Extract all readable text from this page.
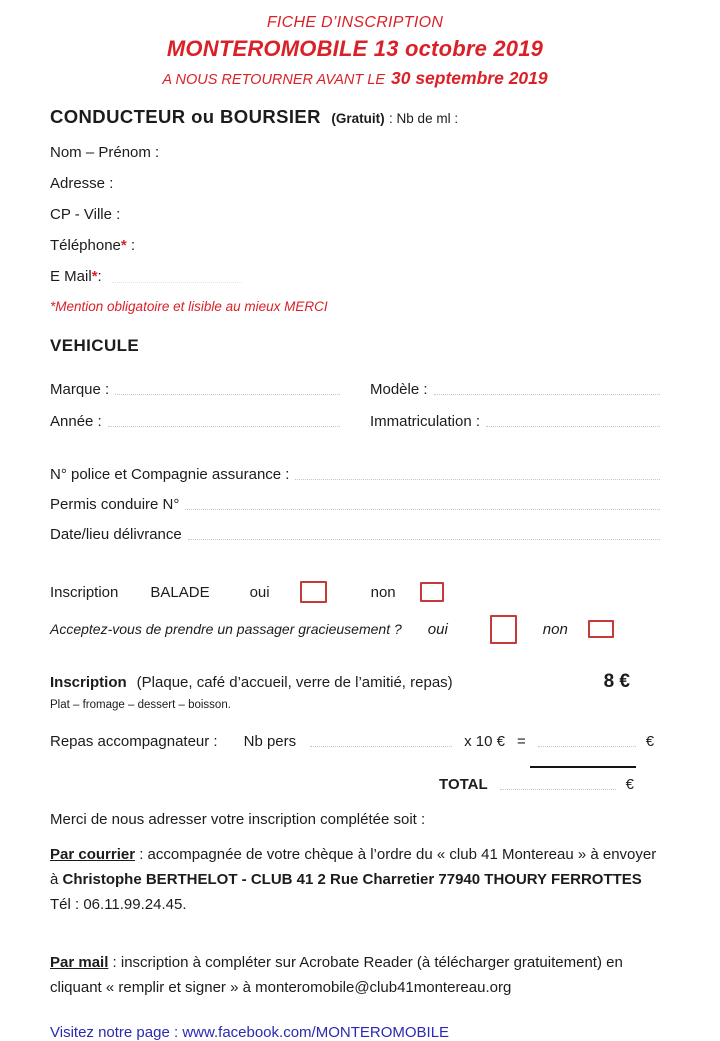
FICHE D’INSCRIPTION
MONTEROMOBILE 13 octobre 2019
A NOUS RETOURNER AVANT LE 30 septembre 2019
CONDUCTEUR ou BOURSIER (Gratuit) : Nb de ml :
Nom – Prénom :
Adresse :
CP - Ville :
Téléphone* :
E Mail*:
*Mention obligatoire et lisible au mieux MERCI
VEHICULE
Marque :	Modèle :
Année :	Immatriculation :
N° police et Compagnie assurance :
Permis conduire N°
Date/lieu délivrance
Inscription BALADE	oui	non
Acceptez-vous de prendre un passager gracieusement ? oui	non
Inscription (Plaque, café d’accueil, verre de l’amitié, repas)	8 €
Plat – fromage – dessert – boisson.
Repas accompagnateur : Nb pers	x 10 € =	€
TOTAL	€
Merci de nous adresser votre inscription complétée soit :
Par courrier : accompagnée de votre chèque à l’ordre du « club 41 Montereau » à envoyer à Christophe BERTHELOT - CLUB 41 2 Rue Charretier 77940 THOURY FERROTTES Tél : 06.11.99.24.45.
Par mail : inscription à compléter sur Acrobate Reader (à télécharger gratuitement) en cliquant « remplir et signer » à monteromobile@club41montereau.org
Visitez notre page : www.facebook.com/MONTEROMOBILE
